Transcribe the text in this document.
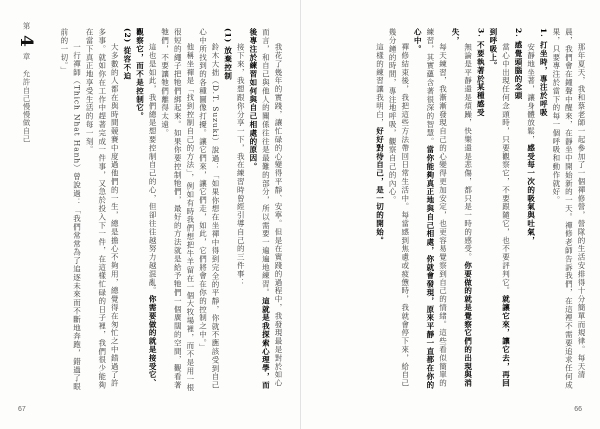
第 4 章 允許自己慢慢做自己	我花了幾年的實踐，讓忙碌的心變得平靜、安寧。但是在實踐的過程中，我發現最是對於如心而言，和自己與他人的關係往往是最難的部分，所以需要一遍遍地練習。這就是我探索心理學，而後專注於練習如何與自己相處的原因。

接下來，我想跟你分享一下，我在練習時曾經引導自己的三件事：

(1) 放棄控制

鈴木大拙（D.T. Suzuki）說過：「如果你想在坐禪中得到完全的平靜，你就不應該受到自己心中所找到的各種圖像打擾。讓它們來，讓它們走，如此，它們將會在你的控制之中。」

他稱坐禪是「找到控制自己的方法」，例如有時我們想把牛羊留在一個大牧場裡，而不是用一根很短的繩子把牠們綁起來。如果你要控制牠們，最好的方法就是給予牠們一個廣闊的空間，觀看著牠們，不要讓牠們離得太遠。

這也是如此，我們總是想要控制自己的心，但卻往往越努力越混亂。你需要做的就是接受它、觀察它，而不是控制它。

(2) 從容不迫

大多數的人都在與時間競賽中度過他們的一生，總是擔心不夠用，總覺得在匆忙之中錯過了許多事。就如你在工作中趕著完成一件事，又急於投入下一件，在這樣忙碌的日子裡，我們很少能夠在當下真正地享受生活的每一刻。

一行禪師（Thich Nhat Hanh）曾說過：「我們常常為了追逐未來而不斷地奔跑，錯過了眼前的一切。」

67

那年夏天，我和蔡老師一起參加了一個禪修營，營隊的生活安排得十分簡單而規律。每天清晨，我們會在鐘聲中醒來，在靜坐中開始新的一天。禪修老師告訴我們，在這裡不需要追求任何成果，只要專注於當下的每一個呼吸和動作就好。

1. 打坐時，專注於呼吸

安靜地坐著，讓身體放鬆，感受每一次的吸氣與吐氣，

2. 感覺頭腦的念頭

當心中出現任何念頭時，只要觀察它，不要跟隨它，也不要評判它。就讓它來，讓它去，再回到呼吸上。

3. 不要執著於某種感受

無論是平靜還是煩躁，快樂還是悲傷，都只是一時的感受。你要做的就是覺察它們的出現與消失，

每天練習，我漸漸發現自己的心變得更加安定，也更容易覺察到自己的情緒。這些看似簡單的練習，其實蘊含著很深的智慧。當你能夠真正地與自己相處，你就會發現，原來平靜一直都在你的心中。

禪修結束後，我把這些方法帶回日常生活中。每當感到焦慮或疲憊時，我就會停下來，給自己幾分鐘的時間，專注地呼吸，觀察自己的內心。

這樣的練習讓我明白，好好對待自己，是一切的開始。

66
